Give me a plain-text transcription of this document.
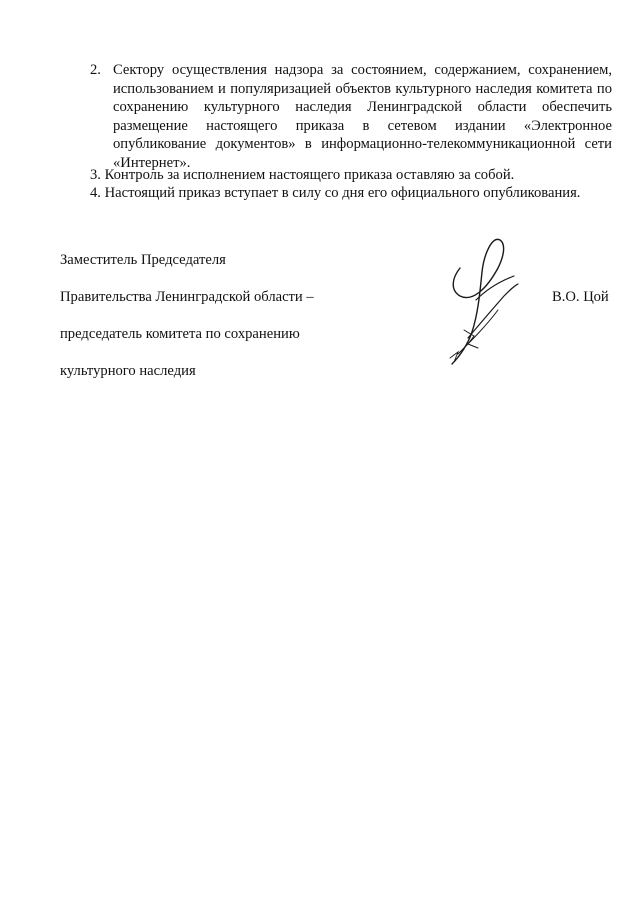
2. Сектору осуществления надзора за состоянием, содержанием, сохранением, использованием и популяризацией объектов культурного наследия комитета по сохранению культурного наследия Ленинградской области обеспечить размещение настоящего приказа в сетевом издании «Электронное опубликование документов» в информационно-телекоммуникационной сети «Интернет».
3. Контроль за исполнением настоящего приказа оставляю за собой.
4. Настоящий приказ вступает в силу со дня его официального опубликования.

Заместитель Председателя

Правительства Ленинградской области –

председатель комитета по сохранению

культурного наследия

В.О. Цой
